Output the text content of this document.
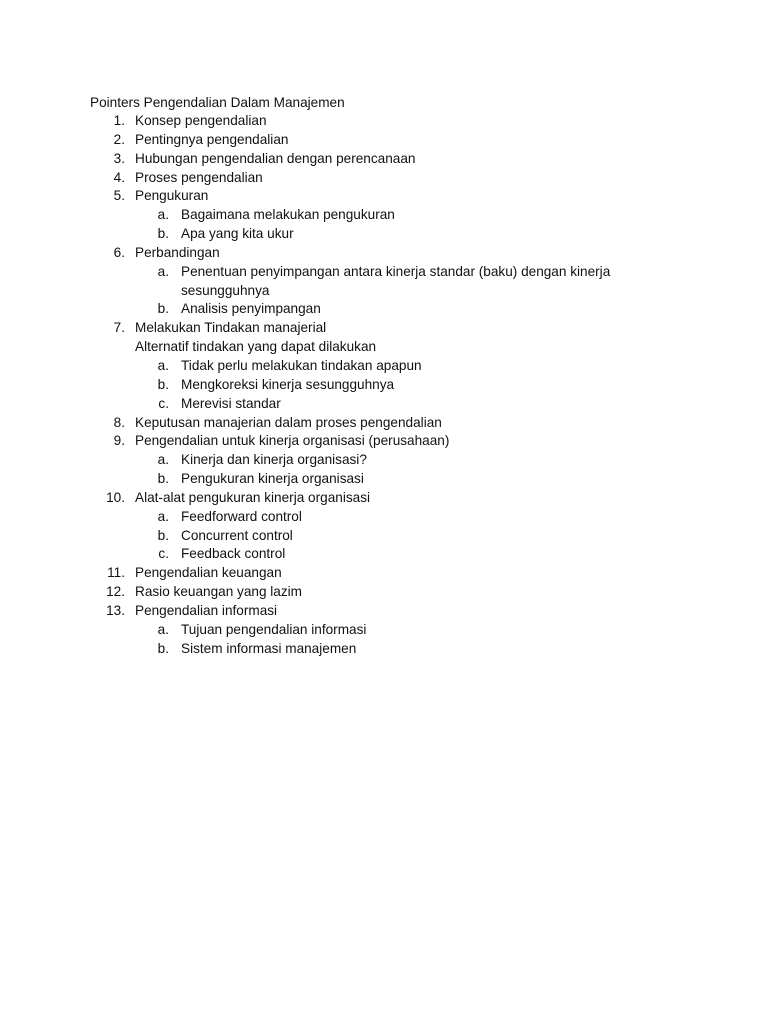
Pointers Pengendalian Dalam Manajemen
1. Konsep pengendalian
2. Pentingnya pengendalian
3. Hubungan pengendalian dengan perencanaan
4. Proses pengendalian
5. Pengukuran
a. Bagaimana melakukan pengukuran
b. Apa yang kita ukur
6. Perbandingan
a. Penentuan penyimpangan antara kinerja standar (baku) dengan kinerja
sesungguhnya
b. Analisis penyimpangan
7. Melakukan Tindakan manajerial
Alternatif tindakan yang dapat dilakukan
a. Tidak perlu melakukan tindakan apapun
b. Mengkoreksi kinerja sesungguhnya
c. Merevisi standar
8. Keputusan manajerian dalam proses pengendalian
9. Pengendalian untuk kinerja organisasi (perusahaan)
a. Kinerja dan kinerja organisasi?
b. Pengukuran kinerja organisasi
10. Alat-alat pengukuran kinerja organisasi
a. Feedforward control
b. Concurrent control
c. Feedback control
11. Pengendalian keuangan
12. Rasio keuangan yang lazim
13. Pengendalian informasi
a. Tujuan pengendalian informasi
b. Sistem informasi manajemen
